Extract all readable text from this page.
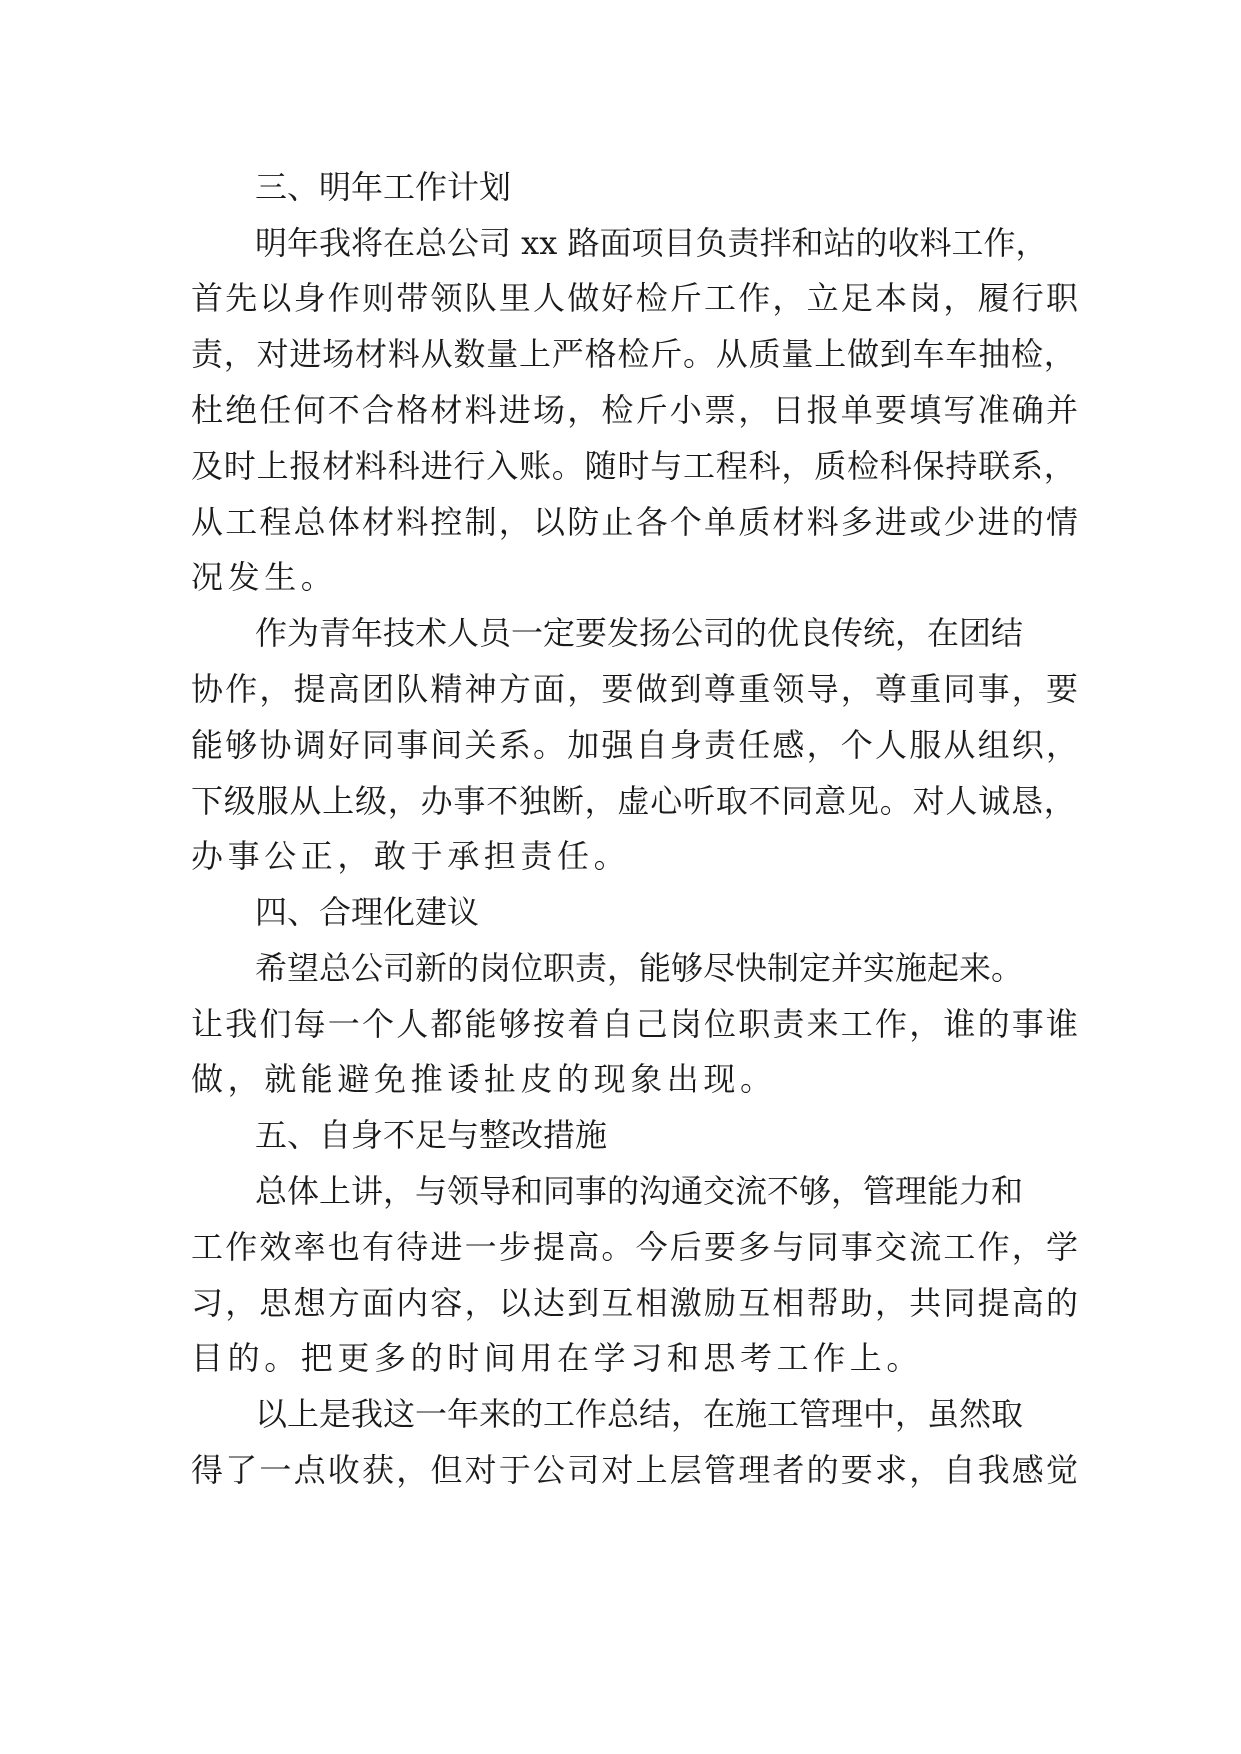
三、明年工作计划
明年我将在总公司 xx 路面项目负责拌和站的收料工作，
首先以身作则带领队里人做好检斤工作，立足本岗，履行职
责，对进场材料从数量上严格检斤。从质量上做到车车抽检，
杜绝任何不合格材料进场，检斤小票，日报单要填写准确并
及时上报材料科进行入账。随时与工程科，质检科保持联系，
从工程总体材料控制，以防止各个单质材料多进或少进的情
况发生。
作为青年技术人员一定要发扬公司的优良传统，在团结
协作，提高团队精神方面，要做到尊重领导，尊重同事，要
能够协调好同事间关系。加强自身责任感，个人服从组织，
下级服从上级，办事不独断，虚心听取不同意见。对人诚恳，
办事公正，敢于承担责任。
四、合理化建议
希望总公司新的岗位职责，能够尽快制定并实施起来。
让我们每一个人都能够按着自己岗位职责来工作，谁的事谁
做，就能避免推诿扯皮的现象出现。
五、自身不足与整改措施
总体上讲，与领导和同事的沟通交流不够，管理能力和
工作效率也有待进一步提高。今后要多与同事交流工作，学
习，思想方面内容，以达到互相激励互相帮助，共同提高的
目的。把更多的时间用在学习和思考工作上。
以上是我这一年来的工作总结，在施工管理中，虽然取
得了一点收获，但对于公司对上层管理者的要求，自我感觉
